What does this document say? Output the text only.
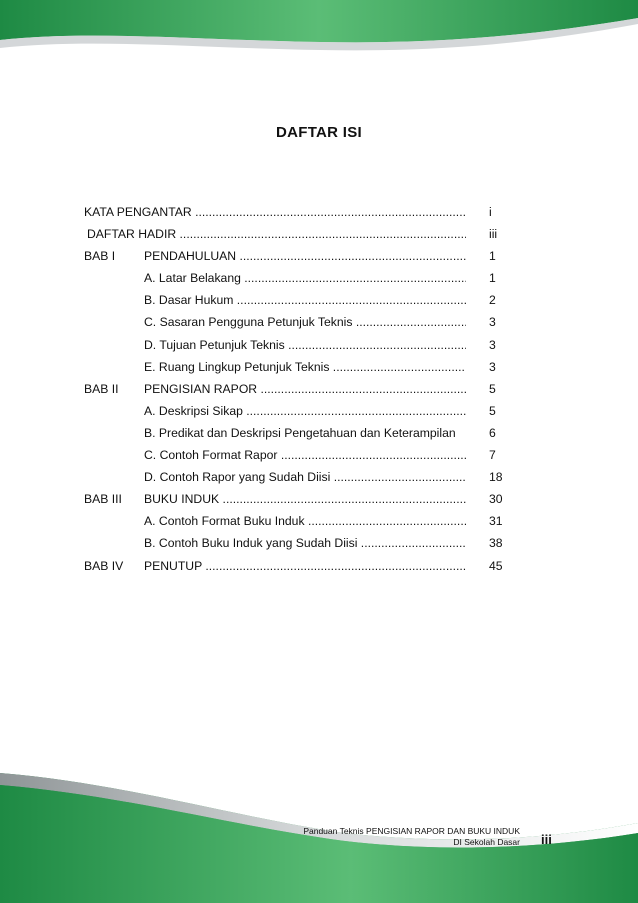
DAFTAR ISI
KATA PENGANTAR .....	i
DAFTAR HADIR .....	iii
BAB I PENDAHULUAN .....	1
A. Latar Belakang .....	1
B. Dasar Hukum .....	2
C. Sasaran Pengguna Petunjuk Teknis .....	3
D. Tujuan Petunjuk Teknis .....	3
E. Ruang Lingkup Petunjuk Teknis .....	3
BAB II PENGISIAN RAPOR .....	5
A. Deskripsi Sikap .....	5
B. Predikat dan Deskripsi Pengetahuan dan Keterampilan	6
C. Contoh Format Rapor .....	7
D. Contoh Rapor yang Sudah Diisi .....	18
BAB III BUKU INDUK .....	30
A. Contoh Format Buku Induk .....	31
B. Contoh Buku Induk yang Sudah Diisi .....	38
BAB IV PENUTUP .....	45
Panduan Teknis PENGISIAN RAPOR DAN BUKU INDUK
DI Sekolah Dasar iii
